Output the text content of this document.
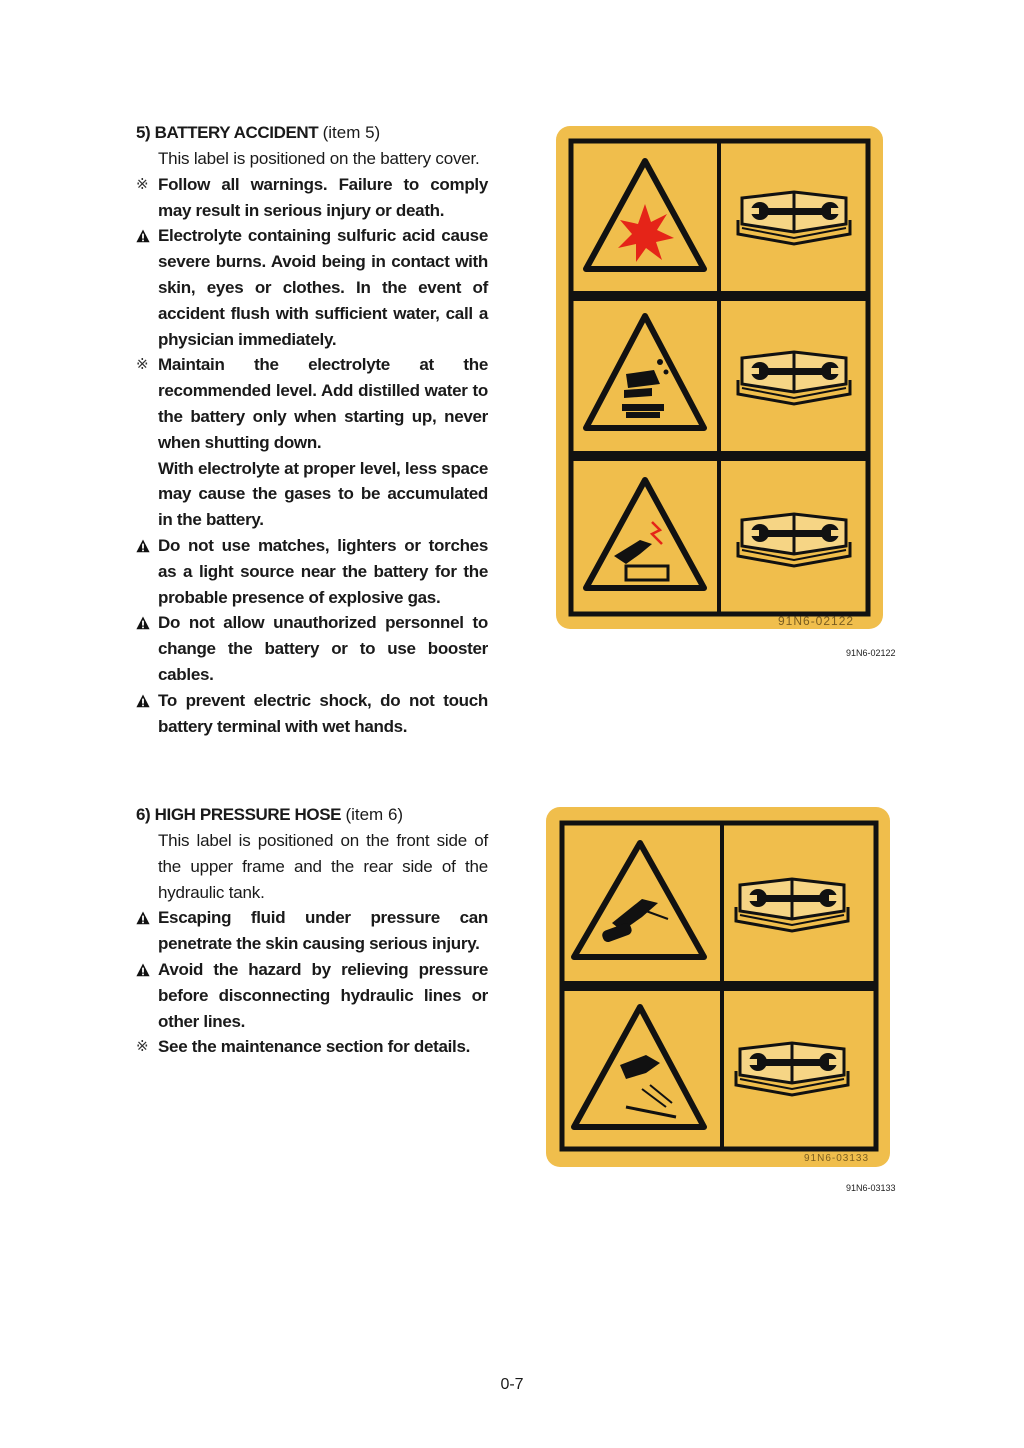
5) BATTERY ACCIDENT (item 5)
This label is positioned on the battery cover.
※ Follow all warnings. Failure to comply may result in serious injury or death.
Electrolyte containing sulfuric acid cause severe burns. Avoid being in contact with skin, eyes or clothes. In the event of accident flush with sufficient water, call a physician immediately.
※ Maintain the electrolyte at the recommended level. Add distilled water to the battery only when starting up, never when shutting down.
With electrolyte at proper level, less space may cause the gases to be accumulated in the battery.
Do not use matches, lighters or torches as a light source near the battery for the probable presence of explosive gas.
Do not allow unauthorized personnel to change the battery or to use booster cables.
To prevent electric shock, do not touch battery terminal with wet hands.
6) HIGH PRESSURE HOSE (item 6)
This label is positioned on the front side of the upper frame and the rear side of the hydraulic tank.
Escaping fluid under pressure can penetrate the skin causing serious injury.
Avoid the hazard by relieving pressure before disconnecting hydraulic lines or other lines.
※ See the maintenance section for details.
91N6-02122
91N6-02122
91N6-03133
91N6-03133
0-7
